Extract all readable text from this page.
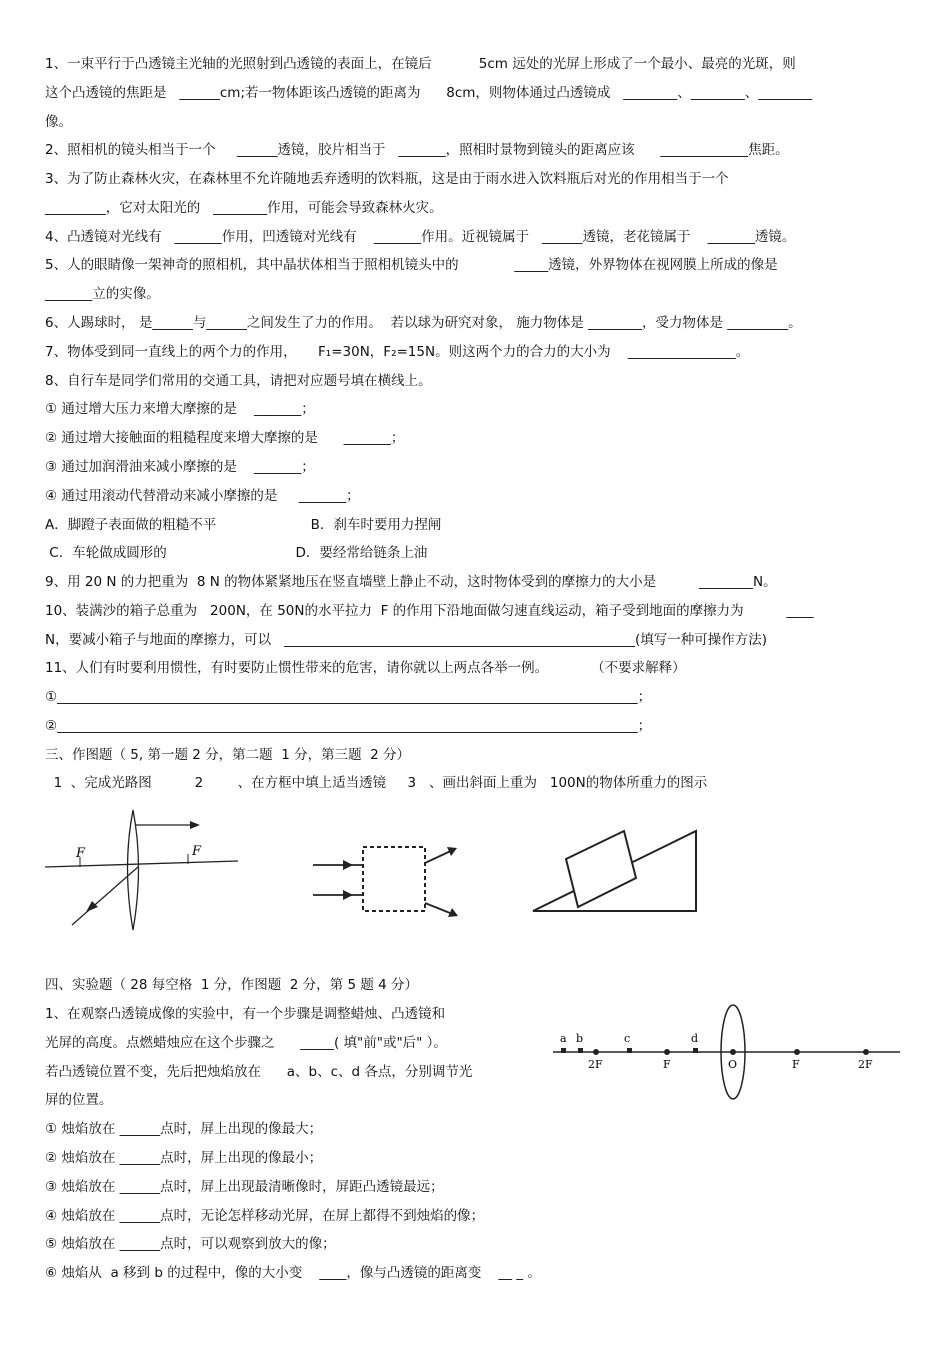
1、一束平行于凸透镜主光轴的光照射到凸透镜的表面上，在镜后           5cm 远处的光屏上形成了一个最小、最亮的光斑，则
这个凸透镜的焦距是   ______cm;若一物体距该凸透镜的距离为      8cm，则物体通过凸透镜成   ________、________、________
像。
2、照相机的镜头相当于一个     ______透镜，胶片相当于   _______，照相时景物到镜头的距离应该      _____________焦距。
3、为了防止森林火灾，在森林里不允许随地丢弃透明的饮料瓶，这是由于雨水进入饮料瓶后对光的作用相当于一个
_________，它对太阳光的   ________作用，可能会导致森林火灾。
4、凸透镜对光线有   _______作用，凹透镜对光线有    _______作用。近视镜属于   ______透镜，老花镜属于    _______透镜。
5、人的眼睛像一架神奇的照相机，其中晶状体相当于照相机镜头中的             _____透镜，外界物体在视网膜上所成的像是
_______立的实像。
6、人踢球时， 是______与______之间发生了力的作用。  若以球为研究对象， 施力物体是 ________，受力物体是 _________。
7、物体受到同一直线上的两个力的作用，     F₁=30N，F₂=15N。则这两个力的合力的大小为    ________________。
8、自行车是同学们常用的交通工具，请把对应题号填在横线上。
① 通过增大压力来增大摩擦的是    _______；
② 通过增大接触面的粗糙程度来增大摩擦的是      _______；
③ 通过加润滑油来减小摩擦的是    _______；
④ 通过用滚动代替滑动来减小摩擦的是     _______；
A．脚蹬子表面做的粗糙不平                      B．刹车时要用力捏闸
C．车轮做成圆形的                              D．要经常给链条上油
9、用 20 N 的力把重为  8 N 的物体紧紧地压在竖直墙壁上静止不动，这时物体受到的摩擦力的大小是          ________N。
10、装满沙的箱子总重为   200N，在 50N的水平拉力  F 的作用下沿地面做匀速直线运动，箱子受到地面的摩擦力为          ____
N，要减小箱子与地面的摩擦力，可以   ____________________________________________________(填写一种可操作方法)
11、人们有时要利用惯性，有时要防止惯性带来的危害，请你就以上两点各举一例。          （不要求解释）
①______________________________________________________________________________________；
②______________________________________________________________________________________；
三、作图题（ 5, 第一题 2 分，第二题  1 分，第三题  2 分）
1  、完成光路图          2        、在方框中填上适当透镜     3   、画出斜面上重为   100N的物体所重力的图示
F	F
四、实验题（ 28 每空格  1 分，作图题  2 分，第 5 题 4 分）
1、在观察凸透镜成像的实验中，有一个步骤是调整蜡烛、凸透镜和
光屏的高度。点燃蜡烛应在这个步骤之      _____( 填"前"或"后" ）。
若凸透镜位置不变，先后把烛焰放在      a、b、c、d 各点，分别调节光
屏的位置。
① 烛焰放在 ______点时，屏上出现的像最大；
② 烛焰放在 ______点时，屏上出现的像最小；
③ 烛焰放在 ______点时，屏上出现最清晰像时，屏距凸透镜最远；
④ 烛焰放在 ______点时，无论怎样移动光屏，在屏上都得不到烛焰的像；
⑤ 烛焰放在 ______点时，可以观察到放大的像；
⑥ 烛焰从  a 移到 b 的过程中，像的大小变    ____，像与凸透镜的距离变    __ _ 。
a b	c	d
2F	F	O	F	2F
